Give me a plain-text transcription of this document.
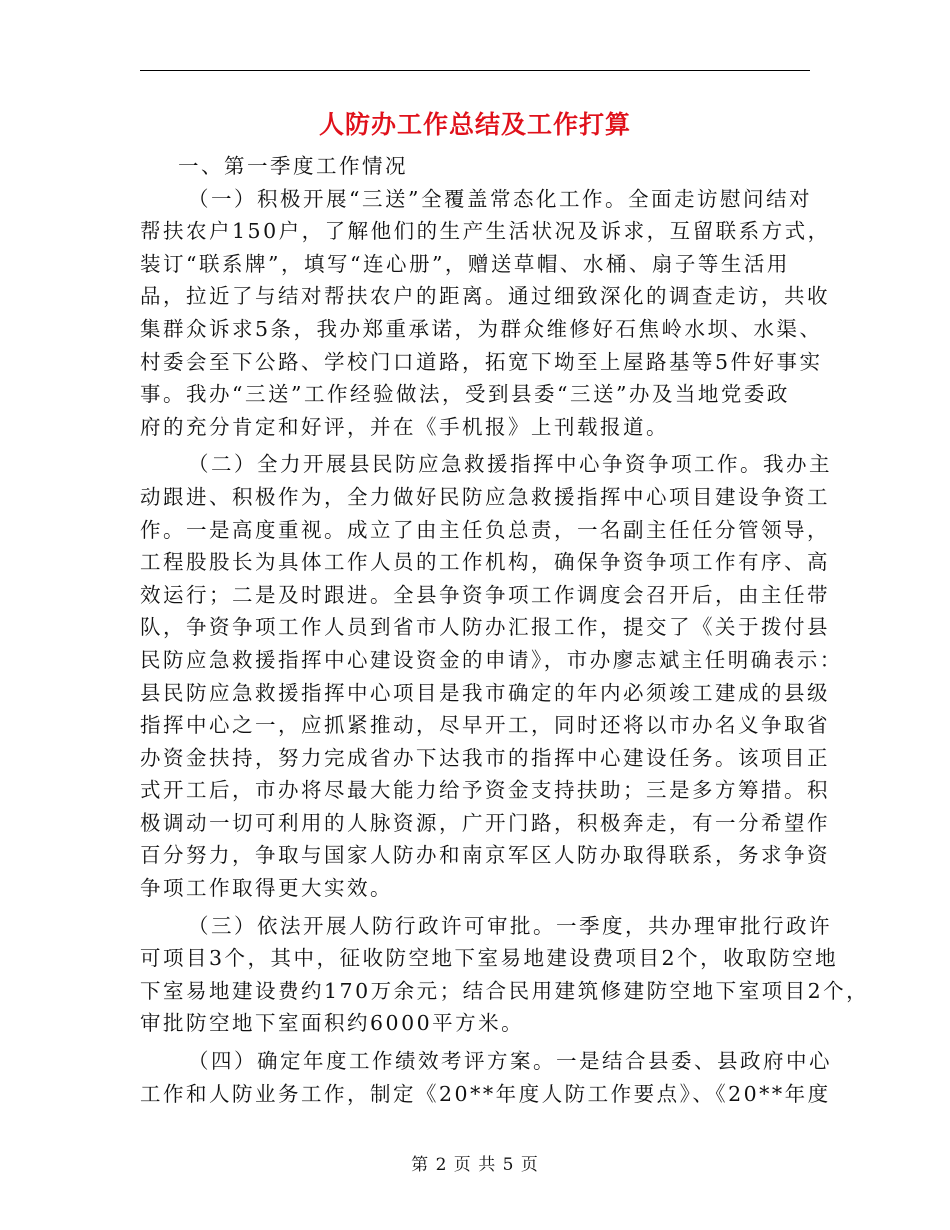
人防办工作总结及工作打算
一、第一季度工作情况
（一）积极开展“三送”全覆盖常态化工作。全面走访慰问结对
帮扶农户150户，了解他们的生产生活状况及诉求，互留联系方式，
装订“联系牌”，填写“连心册”，赠送草帽、水桶、扇子等生活用
品，拉近了与结对帮扶农户的距离。通过细致深化的调查走访，共收
集群众诉求5条，我办郑重承诺，为群众维修好石焦岭水坝、水渠、
村委会至下公路、学校门口道路，拓宽下坳至上屋路基等5件好事实
事。我办“三送”工作经验做法，受到县委“三送”办及当地党委政
府的充分肯定和好评，并在《手机报》上刊载报道。
（二）全力开展县民防应急救援指挥中心争资争项工作。我办主
动跟进、积极作为，全力做好民防应急救援指挥中心项目建设争资工
作。一是高度重视。成立了由主任负总责，一名副主任任分管领导，
工程股股长为具体工作人员的工作机构，确保争资争项工作有序、高
效运行；二是及时跟进。全县争资争项工作调度会召开后，由主任带
队，争资争项工作人员到省市人防办汇报工作，提交了《关于拨付县
民防应急救援指挥中心建设资金的申请》，市办廖志斌主任明确表示：
县民防应急救援指挥中心项目是我市确定的年内必须竣工建成的县级
指挥中心之一，应抓紧推动，尽早开工，同时还将以市办名义争取省
办资金扶持，努力完成省办下达我市的指挥中心建设任务。该项目正
式开工后，市办将尽最大能力给予资金支持扶助；三是多方筹措。积
极调动一切可利用的人脉资源，广开门路，积极奔走，有一分希望作
百分努力，争取与国家人防办和南京军区人防办取得联系，务求争资
争项工作取得更大实效。
（三）依法开展人防行政许可审批。一季度，共办理审批行政许
可项目3个，其中，征收防空地下室易地建设费项目2个，收取防空地
下室易地建设费约170万余元；结合民用建筑修建防空地下室项目2个，
审批防空地下室面积约6000平方米。
（四）确定年度工作绩效考评方案。一是结合县委、县政府中心
工作和人防业务工作，制定《20**年度人防工作要点》、《20**年度
第 2 页 共 5 页
